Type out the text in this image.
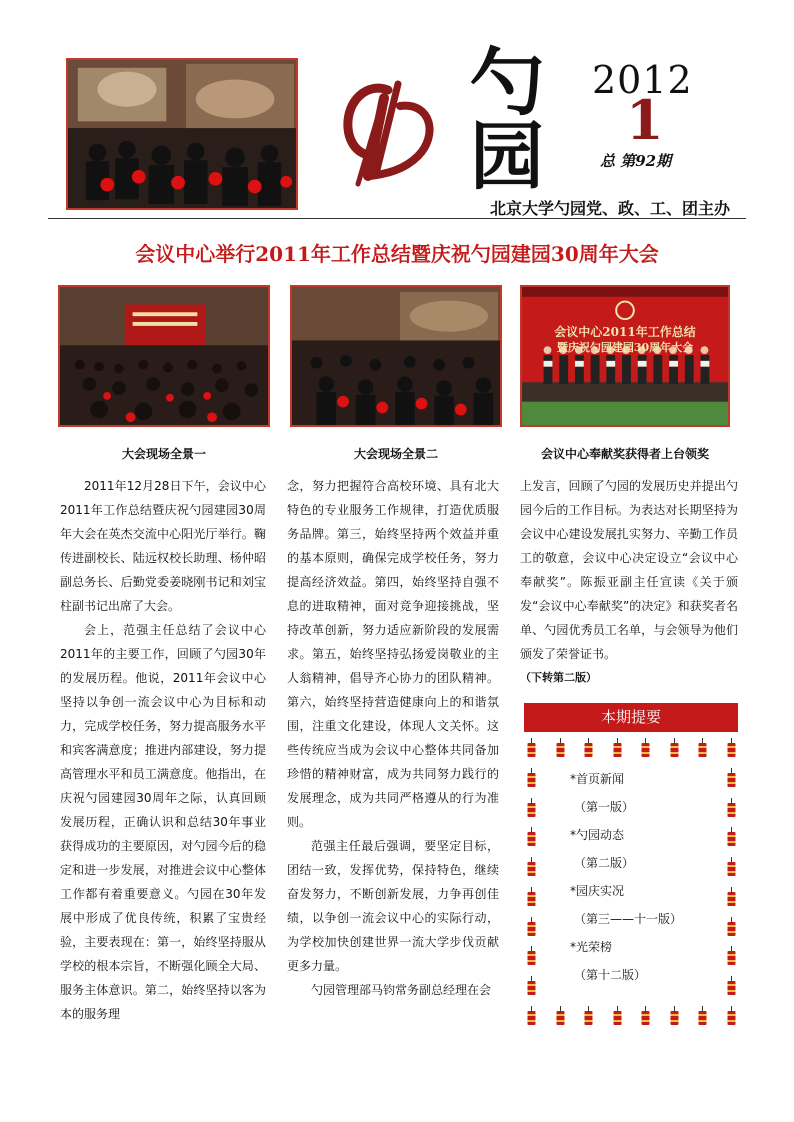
勺
园
2012
1
总 第92期
北京大学勺园党、政、工、团主办
会议中心举行2011年工作总结暨庆祝勺园建园30周年大会
会议中心2011年工作总结
暨庆祝勺园建园30周年大会
大会现场全景一	大会现场全景二	会议中心奉献奖获得者上台领奖

2011年12月28日下午，会议中心2011年工作总结暨庆祝勺园建园30周年大会在英杰交流中心阳光厅举行。鞠传进副校长、陆远权校长助理、杨仲昭副总务长、后勤党委姜晓刚书记和刘宝柱副书记出席了大会。

会上，范强主任总结了会议中心2011年的主要工作，回顾了勺园30年的发展历程。他说，2011年会议中心坚持以争创一流会议中心为目标和动力，完成学校任务，努力提高服务水平和宾客满意度；推进内部建设，努力提高管理水平和员工满意度。他指出，在庆祝勺园建园30周年之际，认真回顾发展历程，正确认识和总结30年事业获得成功的主要原因，对勺园今后的稳定和进一步发展，对推进会议中心整体工作都有着重要意义。勺园在30年发展中形成了优良传统，积累了宝贵经验，主要表现在：第一，始终坚持服从学校的根本宗旨，不断强化顾全大局、服务主体意识。第二，始终坚持以客为本的服务理

念，努力把握符合高校环境、具有北大特色的专业服务工作规律，打造优质服务品牌。第三，始终坚持两个效益并重的基本原则，确保完成学校任务，努力提高经济效益。第四，始终坚持自强不息的进取精神，面对竞争迎接挑战，坚持改革创新，努力适应新阶段的发展需求。第五，始终坚持弘扬爱岗敬业的主人翁精神，倡导齐心协力的团队精神。第六，始终坚持营造健康向上的和谐氛围，注重文化建设，体现人文关怀。这些传统应当成为会议中心整体共同备加珍惜的精神财富，成为共同努力践行的发展理念，成为共同严格遵从的行为准则。

范强主任最后强调，要坚定目标，团结一致，发挥优势，保持特色，继续奋发努力，不断创新发展，力争再创佳绩，以争创一流会议中心的实际行动，为学校加快创建世界一流大学步伐贡献更多力量。

勺园管理部马钧常务副总经理在会

上发言，回顾了勺园的发展历史并提出勺园今后的工作目标。为表达对长期坚持为会议中心建设发展扎实努力、辛勤工作员工的敬意，会议中心决定设立“会议中心奉献奖”。陈振亚副主任宣读《关于颁发“会议中心奉献奖”的决定》和获奖者名单、勺园优秀员工名单，与会领导为他们颁发了荣誉证书。

（下转第二版）

本期提要
*首页新闻
（第一版）
*勺园动态
（第二版）
*园庆实况
（第三——十一版）
*光荣榜
（第十二版）
